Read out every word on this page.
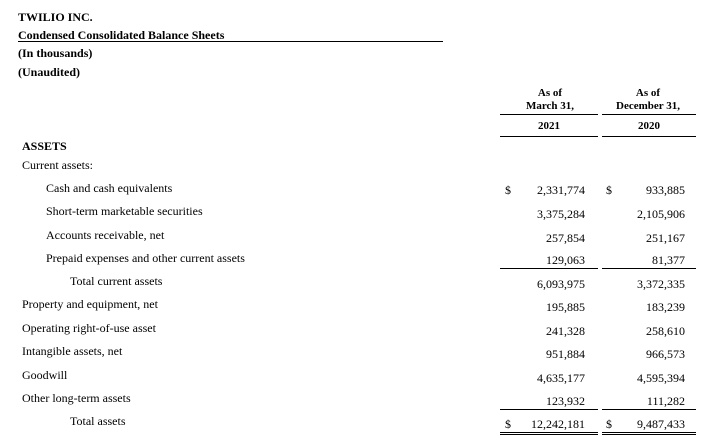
TWILIO INC.
Condensed Consolidated Balance Sheets
(In thousands)
(Unaudited)
As of
March 31,
As of
December 31,
2021	2020
ASSETS
Current assets:
Cash and cash equivalents	$	2,331,774 $	933,885
Short-term marketable securities	3,375,284	2,105,906
Accounts receivable, net	257,854	251,167
Prepaid expenses and other current assets	129,063	81,377
Total current assets	6,093,975	3,372,335
Property and equipment, net	195,885	183,239
Operating right-of-use asset	241,328	258,610
Intangible assets, net	951,884	966,573
Goodwill	4,635,177	4,595,394
Other long-term assets	123,932	111,282
Total assets	$	12,242,181 $	9,487,433
